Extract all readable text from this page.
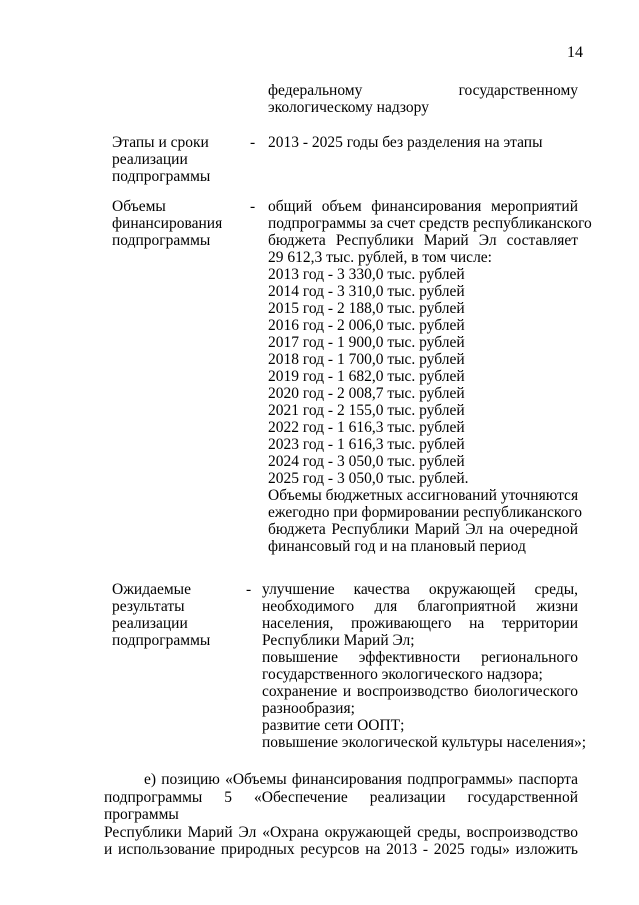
14
федеральному	государственному
экологическому надзору
Этапы и сроки
реализации
подпрограммы
- 2013 - 2025 годы без разделения на этапы
Объемы
финансирования
подпрограммы
- общий объем финансирования мероприятий
подпрограммы за счет средств республиканского
бюджета Республики Марий Эл составляет
29 612,3 тыс. рублей, в том числе:
2013 год - 3 330,0 тыс. рублей
2014 год - 3 310,0 тыс. рублей
2015 год - 2 188,0 тыс. рублей
2016 год - 2 006,0 тыс. рублей
2017 год - 1 900,0 тыс. рублей
2018 год - 1 700,0 тыс. рублей
2019 год - 1 682,0 тыс. рублей
2020 год - 2 008,7 тыс. рублей
2021 год - 2 155,0 тыс. рублей
2022 год - 1 616,3 тыс. рублей
2023 год - 1 616,3 тыс. рублей
2024 год - 3 050,0 тыс. рублей
2025 год - 3 050,0 тыс. рублей.
Объемы бюджетных ассигнований уточняются
ежегодно при формировании республиканского
бюджета Республики Марий Эл на очередной
финансовый год и на плановый период
Ожидаемые
результаты
реализации
подпрограммы
- улучшение качества окружающей среды,
необходимого для благоприятной жизни
населения, проживающего на территории
Республики Марий Эл;
повышение эффективности регионального
государственного экологического надзора;
сохранение и воспроизводство биологического
разнообразия;
развитие сети ООПТ;
повышение экологической культуры населения»;
е) позицию «Объемы финансирования подпрограммы» паспорта
подпрограммы 5 «Обеспечение реализации государственной программы
Республики Марий Эл «Охрана окружающей среды, воспроизводство
и использование природных ресурсов на 2013 - 2025 годы» изложить
